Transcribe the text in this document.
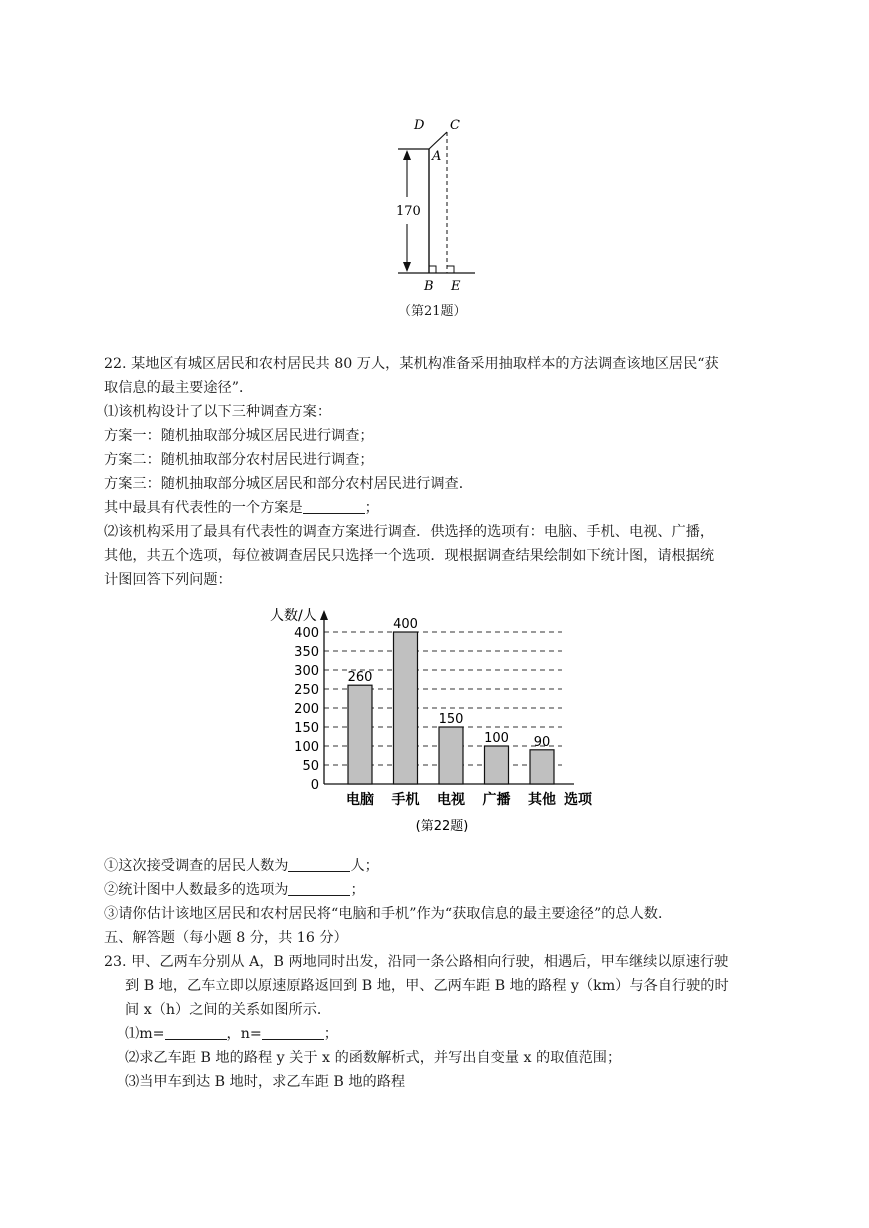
170
D C
A
B E
（第21题）

22. 某地区有城区居民和农村居民共 80 万人，某机构准备采用抽取样本的方法调查该地区居民“获

取信息的最主要途径”．

⑴该机构设计了以下三种调查方案：

方案一：随机抽取部分城区居民进行调查；

方案二：随机抽取部分农村居民进行调查；

方案三：随机抽取部分城区居民和部分农村居民进行调查．

其中最具有代表性的一个方案是	；

⑵该机构采用了最具有代表性的调查方案进行调查．供选择的选项有：电脑、手机、电视、广播，

其他，共五个选项，每位被调查居民只选择一个选项．现根据调查结果绘制如下统计图，请根据统

计图回答下列问题：

0
50
100
150
200
250
300
350
400
人数/人
260
电脑
400
手机
150
电视
100
广播
90
其他 选项
(第22题)

①这次接受调查的居民人数为	人；

②统计图中人数最多的选项为	；

③请你估计该地区居民和农村居民将“电脑和手机”作为“获取信息的最主要途径”的总人数．

五、解答题（每小题 8 分，共 16 分）

23. 甲、乙两车分别从 A，B 两地同时出发，沿同一条公路相向行驶，相遇后，甲车继续以原速行驶

到 B 地，乙车立即以原速原路返回到 B 地，甲、乙两车距 B 地的路程 y（km）与各自行驶的时

间 x（h）之间的关系如图所示．

⑴m=	，n=	；

⑵求乙车距 B 地的路程 y 关于 x 的函数解析式，并写出自变量 x 的取值范围；

⑶当甲车到达 B 地时，求乙车距 B 地的路程
